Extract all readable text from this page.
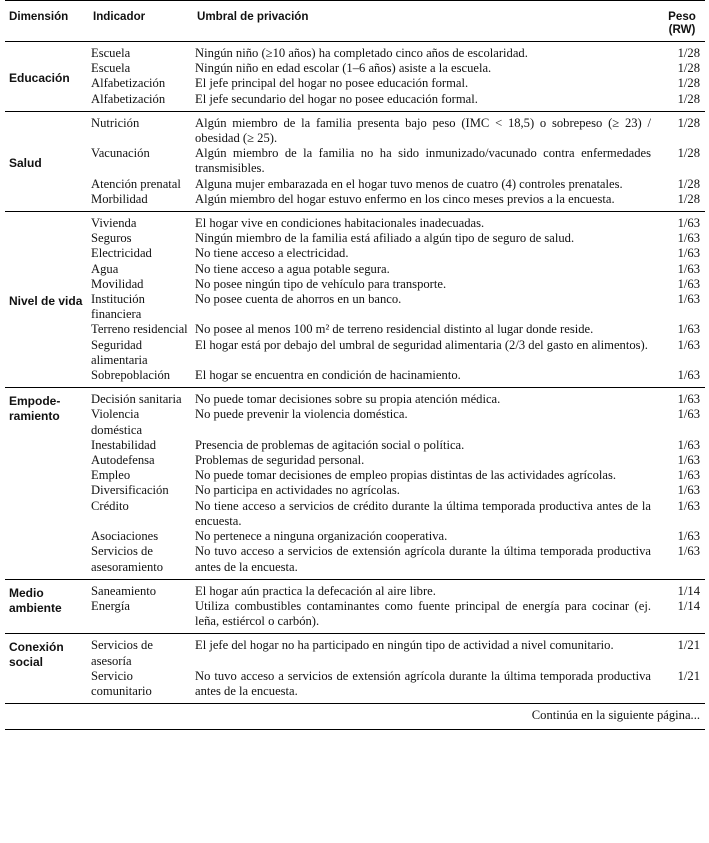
Dimensión	Indicador	Umbral de privación	Peso
(RW)
Educación	Escuela	Ningún niño (≥10 años) ha completado cinco años de escolaridad.	1/28
	Escuela	Ningún niño en edad escolar (1–6 años) asiste a la escuela.	1/28
	Alfabetización	El jefe principal del hogar no posee educación formal.	1/28
	Alfabetización	El jefe secundario del hogar no posee educación formal.	1/28
Salud	Nutrición	Algún miembro de la familia presenta bajo peso (IMC < 18,5) o sobrepeso (≥ 23) / obesidad (≥ 25).	1/28
	Vacunación	Algún miembro de la familia no ha sido inmunizado/vacunado contra enfermedades transmisibles.	1/28
	Atención prenatal	Alguna mujer embarazada en el hogar tuvo menos de cuatro (4) controles prenatales.	1/28
	Morbilidad	Algún miembro del hogar estuvo enfermo en los cinco meses previos a la encuesta.	1/28
Nivel de vida	Vivienda	El hogar vive en condiciones habitacionales inadecuadas.	1/63
	Seguros	Ningún miembro de la familia está afiliado a algún tipo de seguro de salud.	1/63
	Electricidad	No tiene acceso a electricidad.	1/63
	Agua	No tiene acceso a agua potable segura.	1/63
	Movilidad	No posee ningún tipo de vehículo para transporte.	1/63
	Institución financiera	No posee cuenta de ahorros en un banco.	1/63
	Terreno residencial	No posee al menos 100 m² de terreno residencial distinto al lugar donde reside.	1/63
	Seguridad alimentaria	El hogar está por debajo del umbral de seguridad alimentaria (2/3 del gasto en alimentos).	1/63
	Sobrepoblación	El hogar se encuentra en condición de hacinamiento.	1/63
Empode-ramiento	Decisión sanitaria	No puede tomar decisiones sobre su propia atención médica.	1/63
	Violencia doméstica	No puede prevenir la violencia doméstica.	1/63
	Inestabilidad	Presencia de problemas de agitación social o política.	1/63
	Autodefensa	Problemas de seguridad personal.	1/63
	Empleo	No puede tomar decisiones de empleo propias distintas de las actividades agrícolas.	1/63
	Diversificación	No participa en actividades no agrícolas.	1/63
	Crédito	No tiene acceso a servicios de crédito durante la última temporada productiva antes de la encuesta.	1/63
	Asociaciones	No pertenece a ninguna organización cooperativa.	1/63
	Servicios de asesoramiento	No tuvo acceso a servicios de extensión agrícola durante la última temporada productiva antes de la encuesta.	1/63
Medio ambiente	Saneamiento	El hogar aún practica la defecación al aire libre.	1/14
	Energía	Utiliza combustibles contaminantes como fuente principal de energía para cocinar (ej. leña, estiércol o carbón).	1/14
Conexión social	Servicios de asesoría	El jefe del hogar no ha participado en ningún tipo de actividad a nivel comunitario.	1/21
	Servicio comunitario	No tuvo acceso a servicios de extensión agrícola durante la última temporada productiva antes de la encuesta.	1/21
Continúa en la siguiente página...			
